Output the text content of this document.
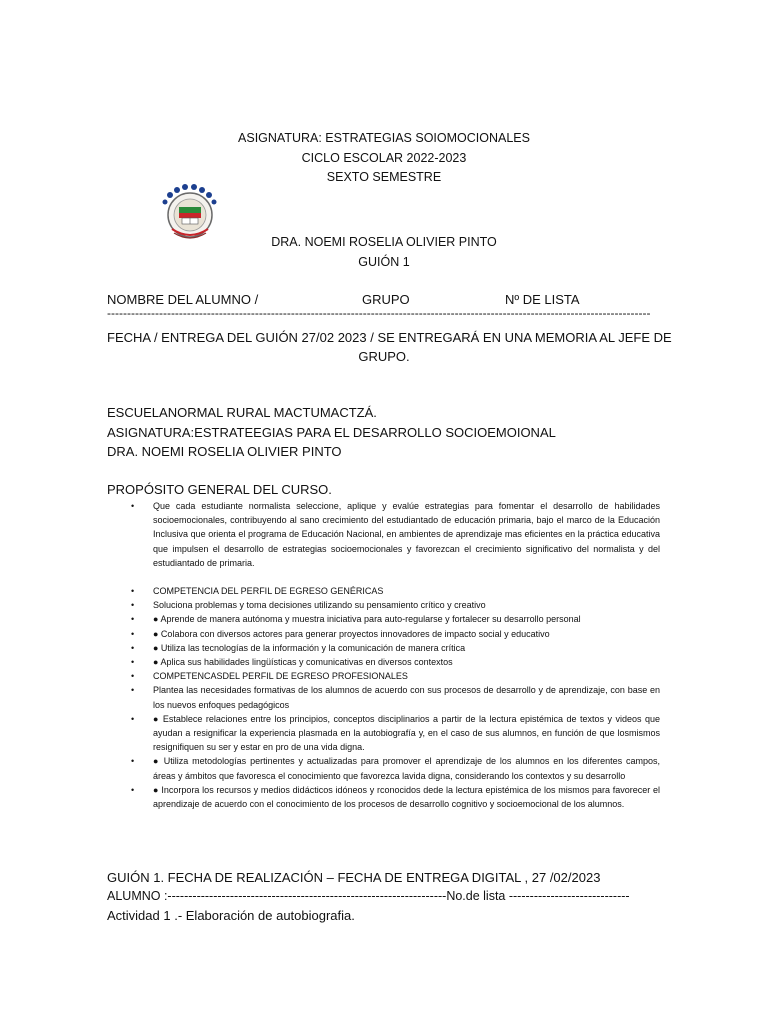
ASIGNATURA: ESTRATEGIAS SOIOMOCIONALES
CICLO ESCOLAR 2022-2023
SEXTO SEMESTRE
DRA. NOEMI ROSELIA OLIVIER PINTO
GUIÓN 1
NOMBRE DEL ALUMNO /	GRUPO	Nº DE LISTA
----------------------------------------------------------------------------------------------------------------------------------------
FECHA / ENTREGA DEL GUIÓN 27/02 2023 / SE ENTREGARÁ EN UNA MEMORIA AL JEFE DE
GRUPO.
ESCUELANORMAL RURAL MACTUMACTZÁ.
ASIGNATURA:ESTRATEEGIAS PARA EL DESARROLLO SOCIOEMOIONAL
DRA. NOEMI ROSELIA OLIVIER PINTO
PROPÓSITO GENERAL DEL CURSO.
• Que cada estudiante normalista seleccione, aplique y evalúe estrategias para fomentar el desarrollo de habilidades socioemocionales, contribuyendo al sano crecimiento del estudiantado de educación primaria, bajo el marco de la Educación Inclusiva que orienta el programa de Educación Nacional, en ambientes de aprendizaje mas eficientes en la práctica educativa que impulsen el desarrollo de estrategias socioemocionales y favorezcan el crecimiento significativo del normalista y del estudiantado de primaria.
• COMPETENCIA DEL PERFIL DE EGRESO GENÉRICAS
• Soluciona problemas y toma decisiones utilizando su pensamiento crítico y creativo
• ● Aprende de manera autónoma y muestra iniciativa para auto-regularse y fortalecer su desarrollo personal
• ● Colabora con diversos actores para generar proyectos innovadores de impacto social y educativo
• ● Utiliza las tecnologías de la información y la comunicación de manera crítica
• ● Aplica sus habilidades lingüísticas y comunicativas en diversos contextos
• COMPETENCASDEL PERFIL DE EGRESO PROFESIONALES
• Plantea las necesidades formativas de los alumnos de acuerdo con sus procesos de desarrollo y de aprendizaje, con base en los nuevos enfoques pedagógicos
• ● Establece relaciones entre los principios, conceptos disciplinarios a partir de la lectura epistémica de textos y videos que ayudan a resignificar la experiencia plasmada en la autobiografía y, en el caso de sus alumnos, en función de que losmismos resignifiquen su ser y estar en pro de una vida digna.
• ● Utiliza metodologías pertinentes y actualizadas para promover el aprendizaje de los alumnos en los diferentes campos, áreas y ámbitos que favoresca el conocimiento que favorezca lavida digna, considerando los contextos y su desarrollo
• ● Incorpora los recursos y medios didácticos idóneos y rconocidos dede la lectura epistémica de los mismos para favorecer el aprendizaje de acuerdo con el conocimiento de los procesos de desarrollo cognitivo y socioemocional de los alumnos.
GUIÓN 1. FECHA DE REALIZACIÓN – FECHA DE ENTREGA DIGITAL , 27 /02/2023
ALUMNO :-------------------------------------------------------------------No.de lista -----------------------------
Actividad 1 .- Elaboración de autobiografia.
